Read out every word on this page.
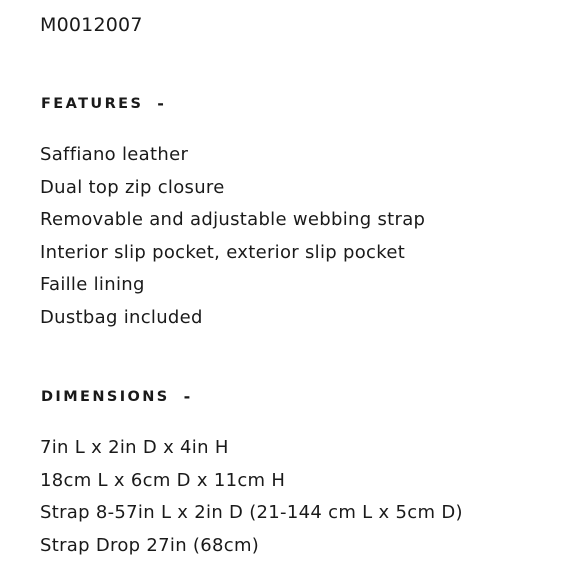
M0012007
FEATURES -
Saffiano leather
Dual top zip closure
Removable and adjustable webbing strap
Interior slip pocket, exterior slip pocket
Faille lining
Dustbag included
DIMENSIONS -
7in L x 2in D x 4in H
18cm L x 6cm D x 11cm H
Strap 8-57in L x 2in D (21-144 cm L x 5cm D)
Strap Drop 27in (68cm)
